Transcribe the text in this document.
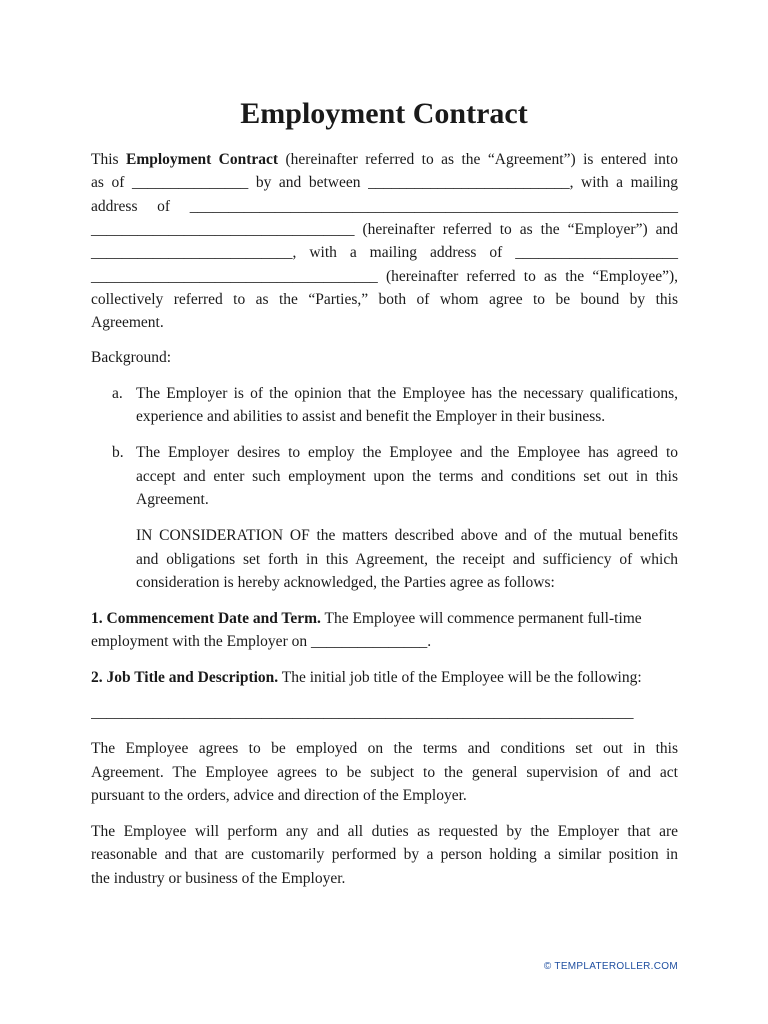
Employment Contract
This Employment Contract (hereinafter referred to as the “Agreement”) is entered into
as of _______________ by and between __________________________, with a mailing
address of _______________________________________________________________
__________________________________ (hereinafter referred to as the “Employer”) and
__________________________, with a mailing address of _____________________
_____________________________________ (hereinafter referred to as the “Employee”),
collectively referred to as the “Parties,” both of whom agree to be bound by this
Agreement.
Background:
a. The Employer is of the opinion that the Employee has the necessary qualifications,
experience and abilities to assist and benefit the Employer in their business.
b. The Employer desires to employ the Employee and the Employee has agreed to
accept and enter such employment upon the terms and conditions set out in this
Agreement.
IN CONSIDERATION OF the matters described above and of the mutual benefits
and obligations set forth in this Agreement, the receipt and sufficiency of which
consideration is hereby acknowledged, the Parties agree as follows:
1. Commencement Date and Term. The Employee will commence permanent full-time
employment with the Employer on _______________.
2. Job Title and Description. The initial job title of the Employee will be the following:
______________________________________________________________________
The Employee agrees to be employed on the terms and conditions set out in this
Agreement. The Employee agrees to be subject to the general supervision of and act
pursuant to the orders, advice and direction of the Employer.
The Employee will perform any and all duties as requested by the Employer that are
reasonable and that are customarily performed by a person holding a similar position in
the industry or business of the Employer.
© TEMPLATEROLLER.COM
